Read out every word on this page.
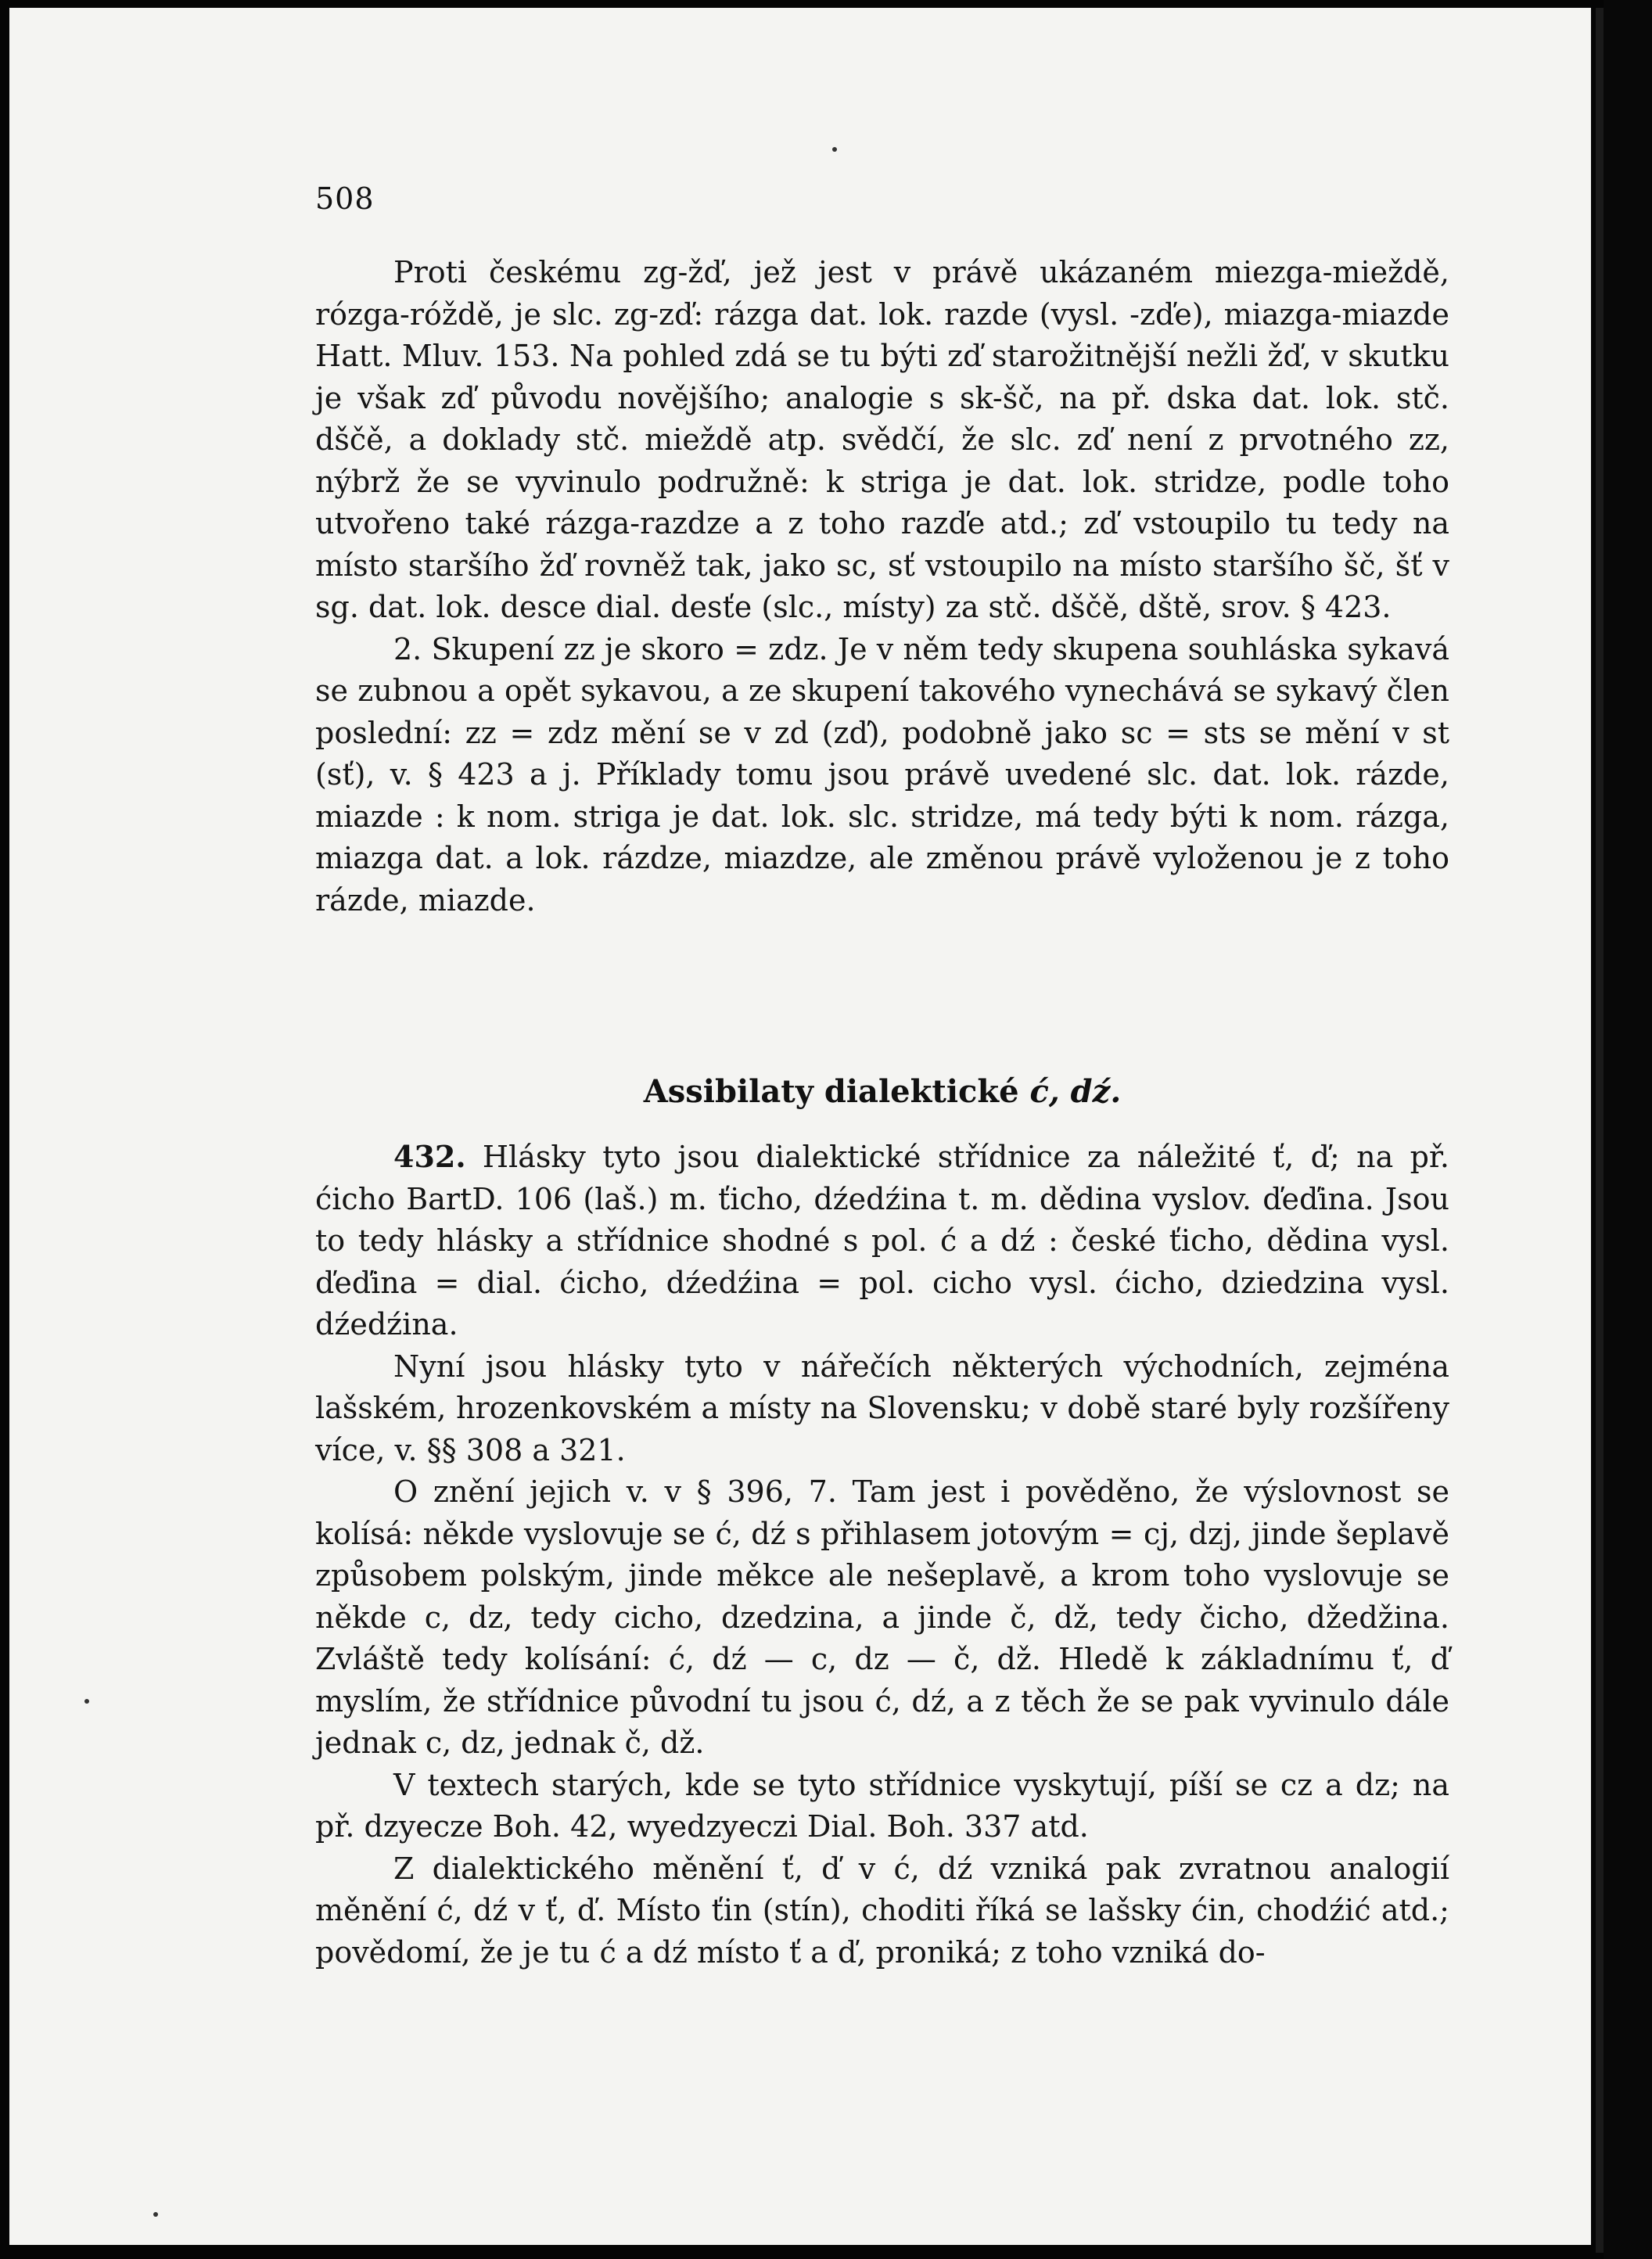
508

Proti českému zg-žď, jež jest v právě ukázaném miezga-mieždě, rózga-róždě, je slc. zg-zď: rázga dat. lok. razde (vysl. -zďe), miazga-miazde Hatt. Mluv. 153. Na pohled zdá se tu býti zď starožitnější nežli žď, v skutku je však zď původu novějšího; analogie s sk-šč, na př. dska dat. lok. stč. dščě, a doklady stč. mieždě atp. svědčí, že slc. zď není z prvotného zz, nýbrž že se vyvinulo podružně: k striga je dat. lok. stridze, podle toho utvořeno také rázga-razdze a z toho razďe atd.; zď vstoupilo tu tedy na místo staršího žď rovněž tak, jako sc, sť vstoupilo na místo staršího šč, šť v sg. dat. lok. desce dial. desťe (slc., místy) za stč. dščě, dště, srov. § 423.

2. Skupení zz je skoro = zdz. Je v něm tedy skupena souhláska sykavá se zubnou a opět sykavou, a ze skupení takového vynechává se sykavý člen poslední: zz = zdz mění se v zd (zď), podobně jako sc = sts se mění v st (sť), v. § 423 a j. Příklady tomu jsou právě uvedené slc. dat. lok. rázde, miazde : k nom. striga je dat. lok. slc. stridze, má tedy býti k nom. rázga, miazga dat. a lok. rázdze, miazdze, ale změnou právě vyloženou je z toho rázde, miazde.

Assibilaty dialektické ć, dź.

432. Hlásky tyto jsou dialektické střídnice za náležité ť, ď; na př. ćicho BartD. 106 (laš.) m. ťicho, dźedźina t. m. dědina vyslov. ďeďina. Jsou to tedy hlásky a střídnice shodné s pol. ć a dź : české ťicho, dědina vysl. ďeďina = dial. ćicho, dźedźina = pol. cicho vysl. ćicho, dziedzina vysl. dźedźina.

Nyní jsou hlásky tyto v nářečích některých východních, zejména lašském, hrozenkovském a místy na Slovensku; v době staré byly rozšířeny více, v. §§ 308 a 321.

O znění jejich v. v § 396, 7. Tam jest i pověděno, že výslovnost se kolísá: někde vyslovuje se ć, dź s přihlasem jotovým = cj, dzj, jinde šeplavě způsobem polským, jinde měkce ale nešeplavě, a krom toho vyslovuje se někde c, dz, tedy cicho, dzedzina, a jinde č, dž, tedy čicho, džedžina. Zvláště tedy kolísání: ć, dź — c, dz — č, dž. Hledě k základnímu ť, ď myslím, že střídnice původní tu jsou ć, dź, a z těch že se pak vyvinulo dále jednak c, dz, jednak č, dž.

V textech starých, kde se tyto střídnice vyskytují, píší se cz a dz; na př. dzyecze Boh. 42, wyedzyeczi Dial. Boh. 337 atd.

Z dialektického měnění ť, ď v ć, dź vzniká pak zvratnou analogií měnění ć, dź v ť, ď. Místo ťin (stín), choditi říká se lašsky ćin, chodźić atd.; povědomí, že je tu ć a dź místo ť a ď, proniká; z toho vzniká do-
